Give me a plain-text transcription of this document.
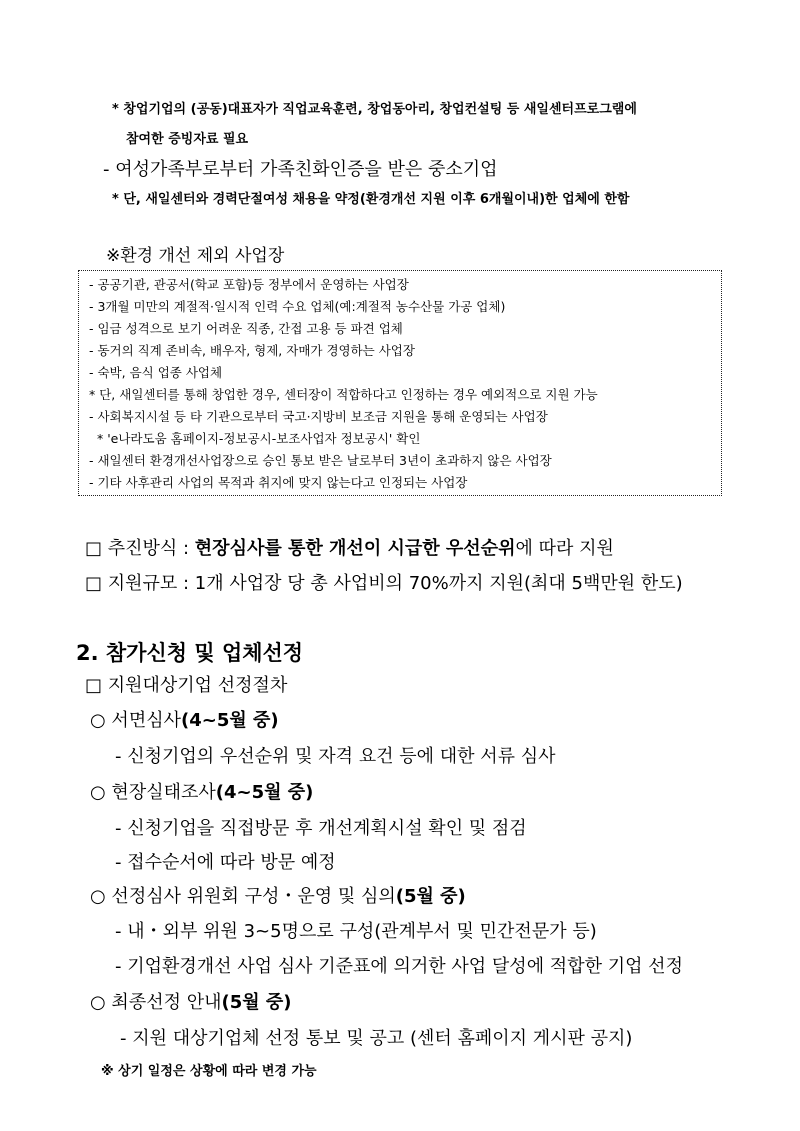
* 창업기업의 (공동)대표자가 직업교육훈련, 창업동아리, 창업컨설팅 등 새일센터프로그램에
참여한 증빙자료 필요
- 여성가족부로부터 가족친화인증을 받은 중소기업
* 단, 새일센터와 경력단절여성 채용을 약정(환경개선 지원 이후 6개월이내)한 업체에 한함
※환경 개선 제외 사업장
- 공공기관, 관공서(학교 포함)등 정부에서 운영하는 사업장
- 3개월 미만의 계절적·일시적 인력 수요 업체(예:계절적 농수산물 가공 업체)
- 임금 성격으로 보기 어려운 직종, 간접 고용 등 파견 업체
- 동거의 직계 존비속, 배우자, 형제, 자매가 경영하는 사업장
- 숙박, 음식 업종 사업체
* 단, 새일센터를 통해 창업한 경우, 센터장이 적합하다고 인정하는 경우 예외적으로 지원 가능
- 사회복지시설 등 타 기관으로부터 국고·지방비 보조금 지원을 통해 운영되는 사업장
* 'e나라도움 홈페이지-정보공시-보조사업자 정보공시' 확인
- 새일센터 환경개선사업장으로 승인 통보 받은 날로부터 3년이 초과하지 않은 사업장
- 기타 사후관리 사업의 목적과 취지에 맞지 않는다고 인정되는 사업장
□ 추진방식 : 현장심사를 통한 개선이 시급한 우선순위에 따라 지원
□ 지원규모 : 1개 사업장 당 총 사업비의 70%까지 지원(최대 5백만원 한도)
2. 참가신청 및 업체선정
□ 지원대상기업 선정절차
○ 서면심사(4~5월 중)
- 신청기업의 우선순위 및 자격 요건 등에 대한 서류 심사
○ 현장실태조사(4~5월 중)
- 신청기업을 직접방문 후 개선계획시설 확인 및 점검
- 접수순서에 따라 방문 예정
○ 선정심사 위원회 구성・운영 및 심의(5월 중)
- 내・외부 위원 3~5명으로 구성(관계부서 및 민간전문가 등)
- 기업환경개선 사업 심사 기준표에 의거한 사업 달성에 적합한 기업 선정
○ 최종선정 안내(5월 중)
- 지원 대상기업체 선정 통보 및 공고 (센터 홈페이지 게시판 공지)
※ 상기 일정은 상황에 따라 변경 가능
